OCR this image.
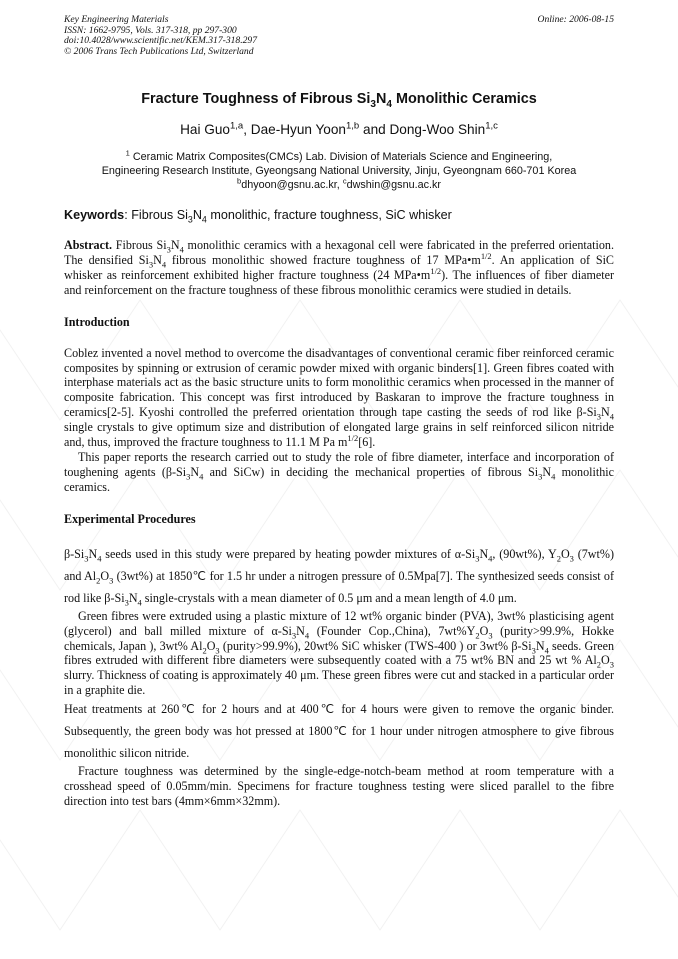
Key Engineering Materials	Online: 2006-08-15
ISSN: 1662-9795, Vols. 317-318, pp 297-300
doi:10.4028/www.scientific.net/KEM.317-318.297
© 2006 Trans Tech Publications Ltd, Switzerland
Fracture Toughness of Fibrous $Si_3N_4$ Monolithic Ceramics
Hai Guo$^{1,a}$, Dae-Hyun Yoon$^{1,b}$ and Dong-Woo Shin$^{1,c}$
$^1$ Ceramic Matrix Composites(CMCs) Lab. Division of Materials Science and Engineering,
Engineering Research Institute, Gyeongsang National University, Jinju, Gyeongnam 660-701 Korea
$^b$dhyoon@gsnu.ac.kr, $^c$dwshin@gsnu.ac.kr
Keywords: Fibrous $Si_3N_4$ monolithic, fracture toughness, SiC whisker

Abstract. Fibrous $Si_3N_4$ monolithic ceramics with a hexagonal cell were fabricated in the preferred orientation. The densified $Si_3N_4$ fibrous monolithic showed fracture toughness of 17 $MPa•m^{1/2}$. An application of SiC whisker as reinforcement exhibited higher fracture toughness (24 $MPa•m^{1/2}$). The influences of fiber diameter and reinforcement on the fracture toughness of these fibrous monolithic ceramics were studied in details.

Introduction

Coblez invented a novel method to overcome the disadvantages of conventional ceramic fiber reinforced ceramic composites by spinning or extrusion of ceramic powder mixed with organic binders[1]. Green fibres coated with interphase materials act as the basic structure units to form monolithic ceramics when processed in the manner of composite fabrication. This concept was first introduced by Baskaran to improve the fracture toughness in ceramics[2-5]. Kyoshi controlled the preferred orientation through tape casting the seeds of rod like $\beta-Si_3N_4$ single crystals to give optimum size and distribution of elongated large grains in self reinforced silicon nitride and, thus, improved the fracture toughness to 11.1 M Pa $m^{1/2}[6]$.

This paper reports the research carried out to study the role of fibre diameter, interface and incorporation of toughening agents ($\beta-Si_3N_4$ and SiCw) in deciding the mechanical properties of fibrous $Si_3N_4$ monolithic ceramics.

Experimental Procedures

$\beta-Si_3N_4$ seeds used in this study were prepared by heating powder mixtures of $\alpha-Si_3N_4$, (90wt%), $Y_2O_3$ (7wt%) and $Al_2O_3$ (3wt%) at 1850℃ for 1.5 hr under a nitrogen pressure of 0.5Mpa[7]. The synthesized seeds consist of rod like $\beta-Si_3N_4$ single-crystals with a mean diameter of 0.5 μm and a mean length of 4.0 μm.

Green fibres were extruded using a plastic mixture of 12 wt% organic binder (PVA), 3wt% plasticising agent (glycerol) and ball milled mixture of $\alpha-Si_3N_4$ (Founder Cop.,China), $7wt\%Y_2O_3$ (purity>99.9%, Hokke chemicals, Japan ), 3wt% $Al_2O_3$ (purity>99.9%), 20wt% SiC whisker (TWS-400 ) or 3wt% $\beta-Si_3N_4$ seeds. Green fibres extruded with different fibre diameters were subsequently coated with a 75 wt% BN and 25 wt % $Al_2O_3$ slurry. Thickness of coating is approximately 40 μm. These green fibres were cut and stacked in a particular order in a graphite die.

Heat treatments at 260℃ for 2 hours and at 400℃ for 4 hours were given to remove the organic binder. Subsequently, the green body was hot pressed at 1800℃ for 1 hour under nitrogen atmosphere to give fibrous monolithic silicon nitride.

Fracture toughness was determined by the single-edge-notch-beam method at room temperature with a crosshead speed of 0.05mm/min. Specimens for fracture toughness testing were sliced parallel to the fibre direction into test bars (4mm×6mm×32mm).
